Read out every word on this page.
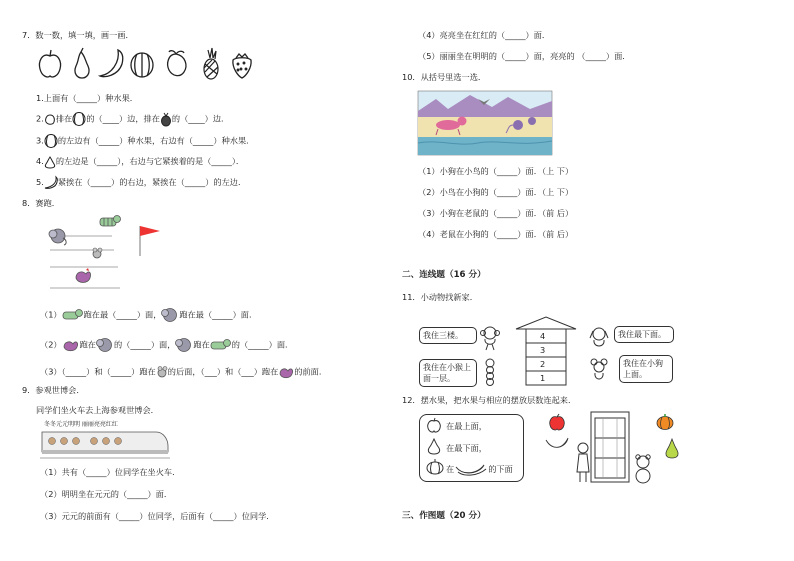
7．数一数，填一填，画一画．
1.上面有（_____）种水果．
2. 排在 的（____）边，排在 的（____）边．
3. 的左边有（_____）种水果，右边有（_____）种水果．
4. 的左边是（_____），右边与它紧挨着的是（_____）．
5. 紧挨在（_____）的右边，紧挨在（_____）的左边．
8．赛跑．
（1）	跑在最（_____）面， 跑在最（_____）面．
（2） 跑在 的（_____）面， 跑在	的（_____）面．
（3）（_____）和（_____）跑在 的后面，（___）和（___）跑在 的前面．
9．参观世博会．
同学们坐火车去上海参观世博会．
冬冬元元明明 丽丽亮亮红红
（1）共有（_____）位同学在坐火车．
（2）明明坐在元元的（_____）面．
（3）元元的前面有（_____）位同学，后面有（_____）位同学．
（4）亮亮坐在红红的（_____）面．
（5）丽丽坐在明明的（_____）面，亮亮的 （_____）面．
10．从括号里选一选．
（1）小狗在小鸟的（_____）面．（上 下）
（2）小鸟在小狗的（_____）面．（上 下）
（3）小狗在老鼠的（_____）面．（前 后）
（4）老鼠在小狗的（_____）面．（前 后）
二、连线题（16 分）
11．小动物找新家．
我住三楼。
我住在小猴上面一层。
4
3
2
1
我住最下面。
我住在小狗上面。
12．摆水果，把水果与相应的摆放层数连起来．
在最上面，
在最下面，
在	的下面
三、作图题（20 分）
